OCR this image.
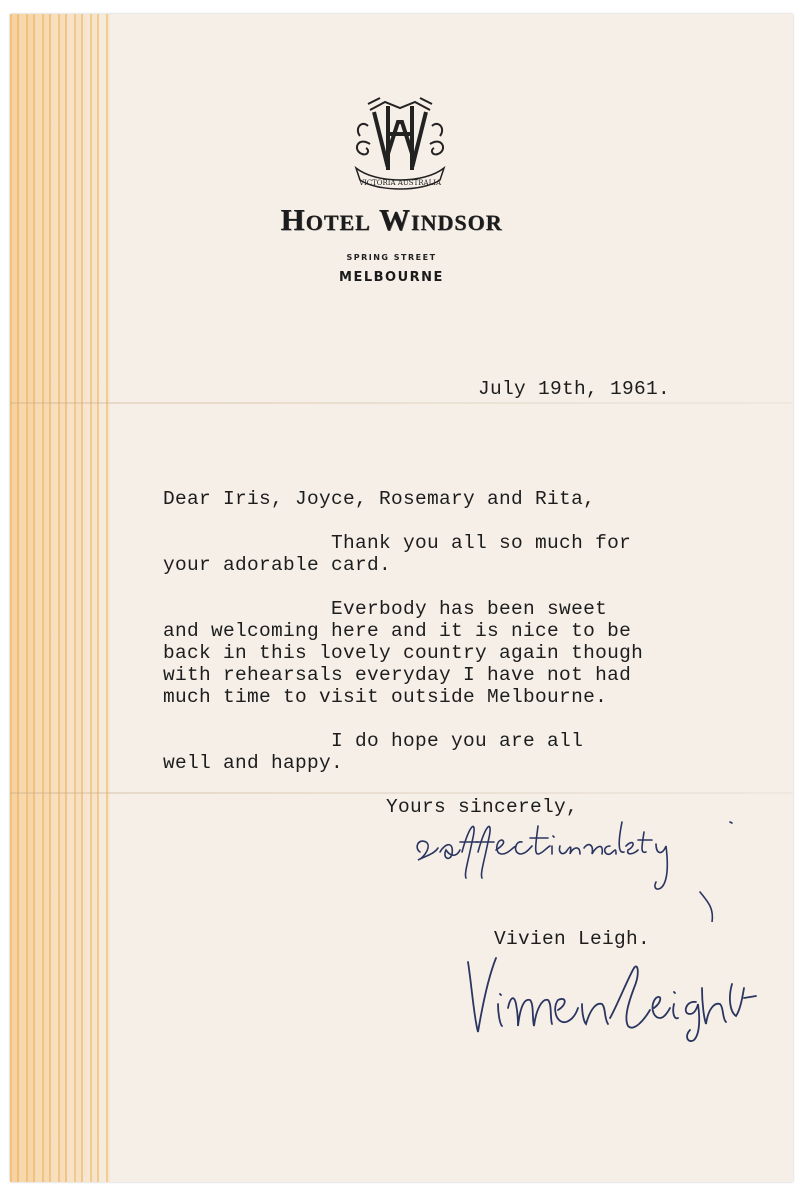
VICTORIA AUSTRALIA
Hotel Windsor
SPRING STREET
MELBOURNE
July 19th, 1961.
Dear Iris, Joyce, Rosemary and Rita,
Thank you all so much for
your adorable card.
Everbody has been sweet
and welcoming here and it is nice to be
back in this lovely country again though
with rehearsals everyday I have not had
much time to visit outside Melbourne.
I do hope you are all
well and happy.
Yours sincerely,
Vivien Leigh.
